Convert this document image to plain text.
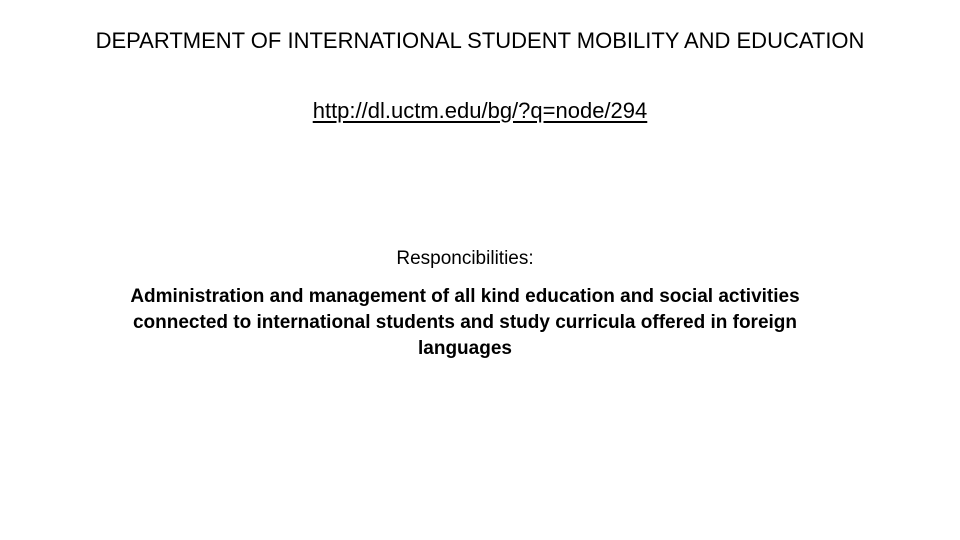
DEPARTMENT OF INTERNATIONAL STUDENT MOBILITY AND EDUCATION
http://dl.uctm.edu/bg/?q=node/294
Responcibilities:
Administration and management of all kind education and social activities connected to international students and study curricula offered in foreign languages
